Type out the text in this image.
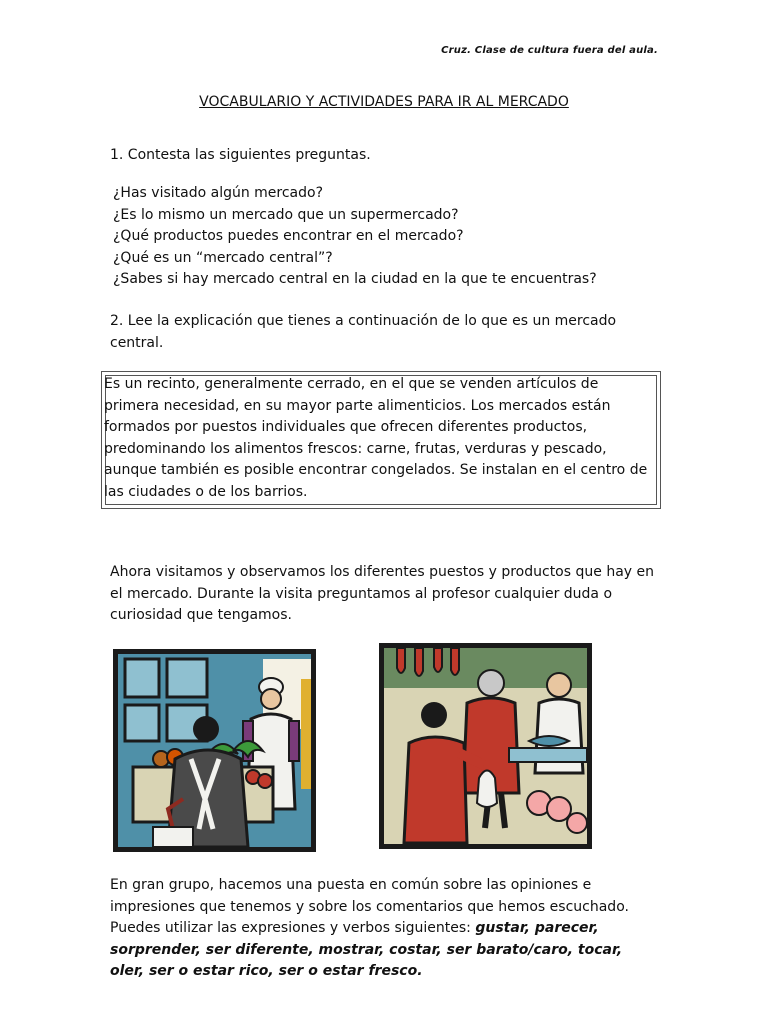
Cruz. Clase de cultura fuera del aula.
VOCABULARIO Y ACTIVIDADES PARA IR AL MERCADO
1. Contesta las siguientes preguntas.
¿Has visitado algún mercado?
¿Es lo mismo un mercado que un supermercado?
¿Qué productos puedes encontrar en el mercado?
¿Qué es un “mercado central”?
¿Sabes si hay mercado central en la ciudad en la que te encuentras?
2. Lee la explicación que tienes a continuación de lo que es un mercado central.
Es un recinto, generalmente cerrado, en el que se venden artículos de primera necesidad, en su mayor parte alimenticios. Los mercados están formados por puestos individuales que ofrecen diferentes productos, predominando los alimentos frescos: carne, frutas, verduras y pescado, aunque también es posible encontrar congelados. Se instalan en el centro de las ciudades o de los barrios.
Ahora visitamos y observamos los diferentes puestos y productos que hay en el mercado. Durante la visita preguntamos al profesor cualquier duda o curiosidad que tengamos.
En gran grupo, hacemos una puesta en común sobre las opiniones e impresiones que tenemos y sobre los comentarios que hemos escuchado. Puedes utilizar las expresiones y verbos siguientes: gustar, parecer, sorprender, ser diferente, mostrar, costar, ser barato/caro, tocar, oler, ser o estar rico, ser o estar fresco.
